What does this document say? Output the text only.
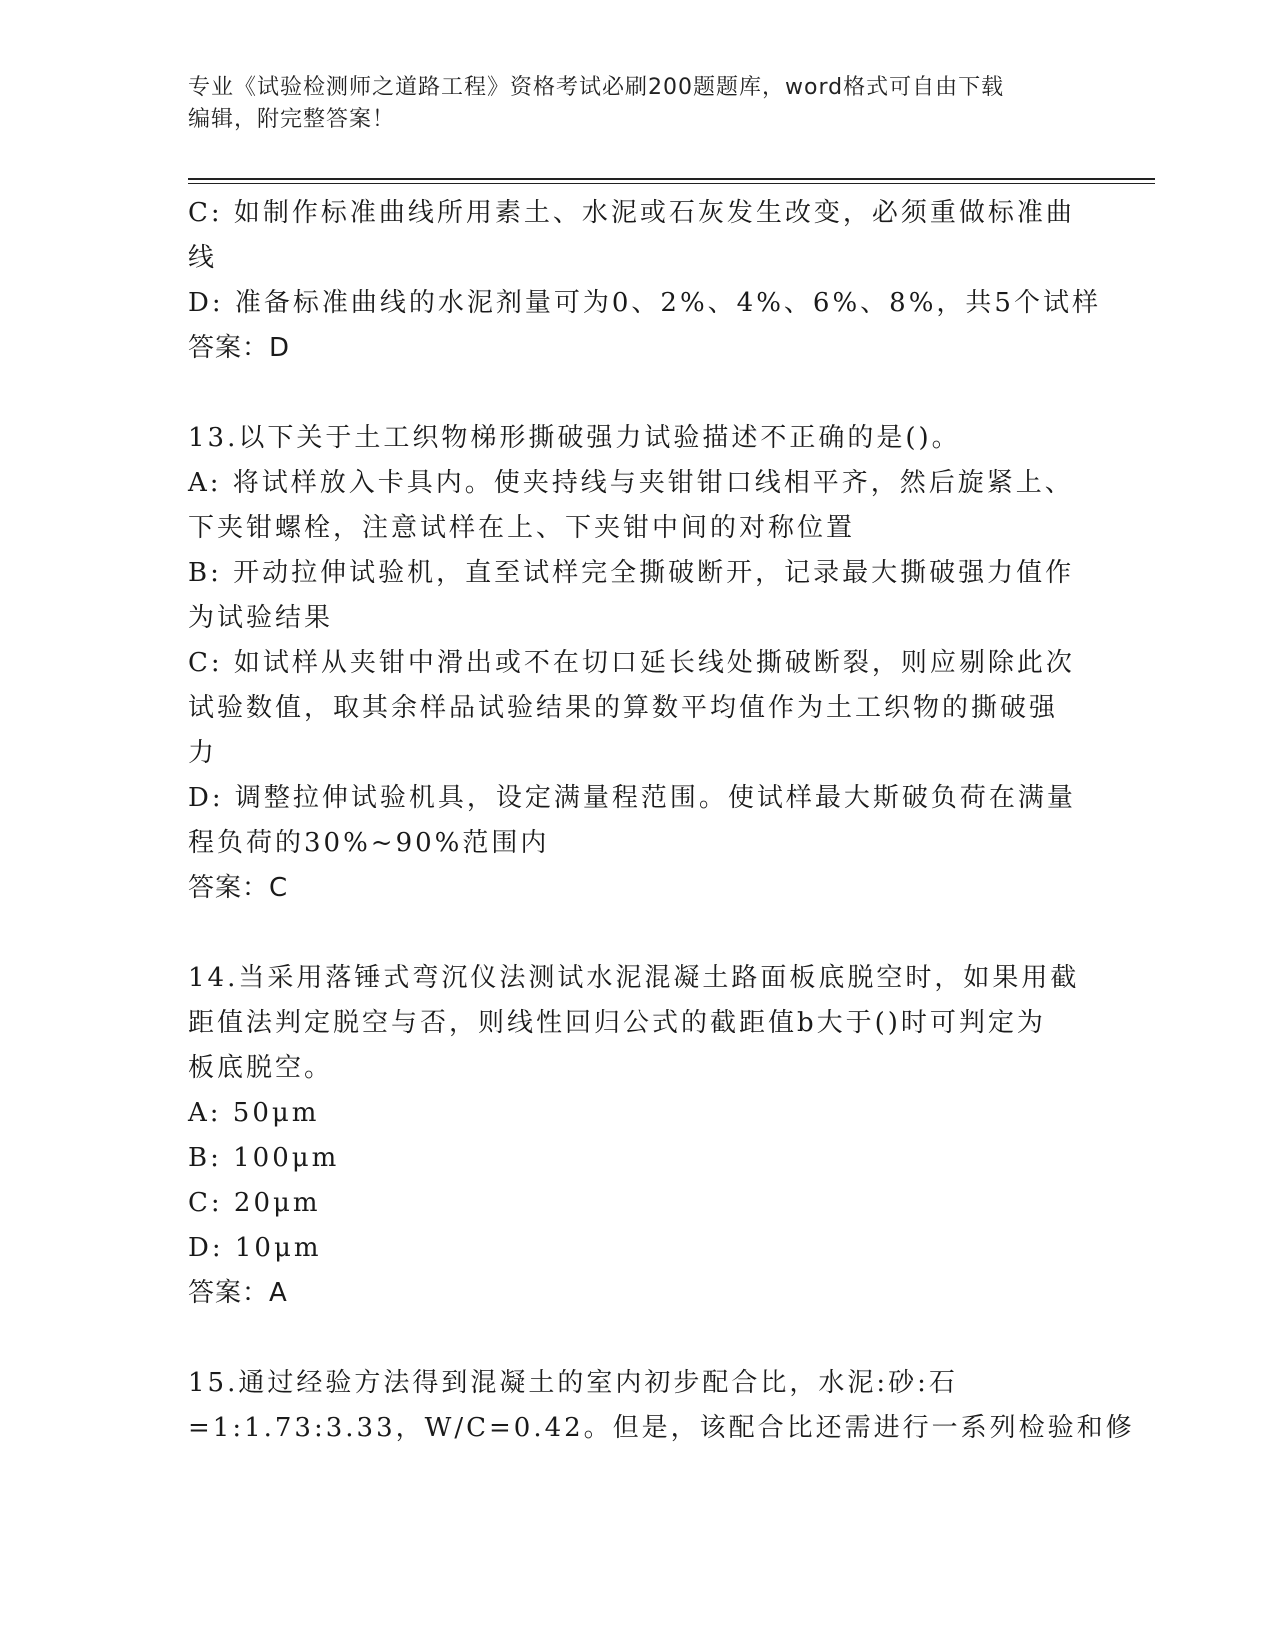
专业《试验检测师之道路工程》资格考试必刷200题题库，word格式可自由下载
编辑，附完整答案！
C: 如制作标准曲线所用素土、水泥或石灰发生改变，必须重做标准曲
线
D: 准备标准曲线的水泥剂量可为0、2%、4%、6%、8%，共5个试样
答案：D
13.以下关于土工织物梯形撕破强力试验描述不正确的是()。
A: 将试样放入卡具内。使夹持线与夹钳钳口线相平齐，然后旋紧上、
下夹钳螺栓，注意试样在上、下夹钳中间的对称位置
B: 开动拉伸试验机，直至试样完全撕破断开，记录最大撕破强力值作
为试验结果
C: 如试样从夹钳中滑出或不在切口延长线处撕破断裂，则应剔除此次
试验数值，取其余样品试验结果的算数平均值作为土工织物的撕破强
力
D: 调整拉伸试验机具，设定满量程范围。使试样最大斯破负荷在满量
程负荷的30%~90%范围内
答案：C
14.当采用落锤式弯沉仪法测试水泥混凝土路面板底脱空时，如果用截
距值法判定脱空与否，则线性回归公式的截距值b大于()时可判定为
板底脱空。
A: 50μm
B: 100μm
C: 20μm
D: 10μm
答案：A
15.通过经验方法得到混凝土的室内初步配合比，水泥:砂:石
=1:1.73:3.33，W/C=0.42。但是，该配合比还需进行一系列检验和修
